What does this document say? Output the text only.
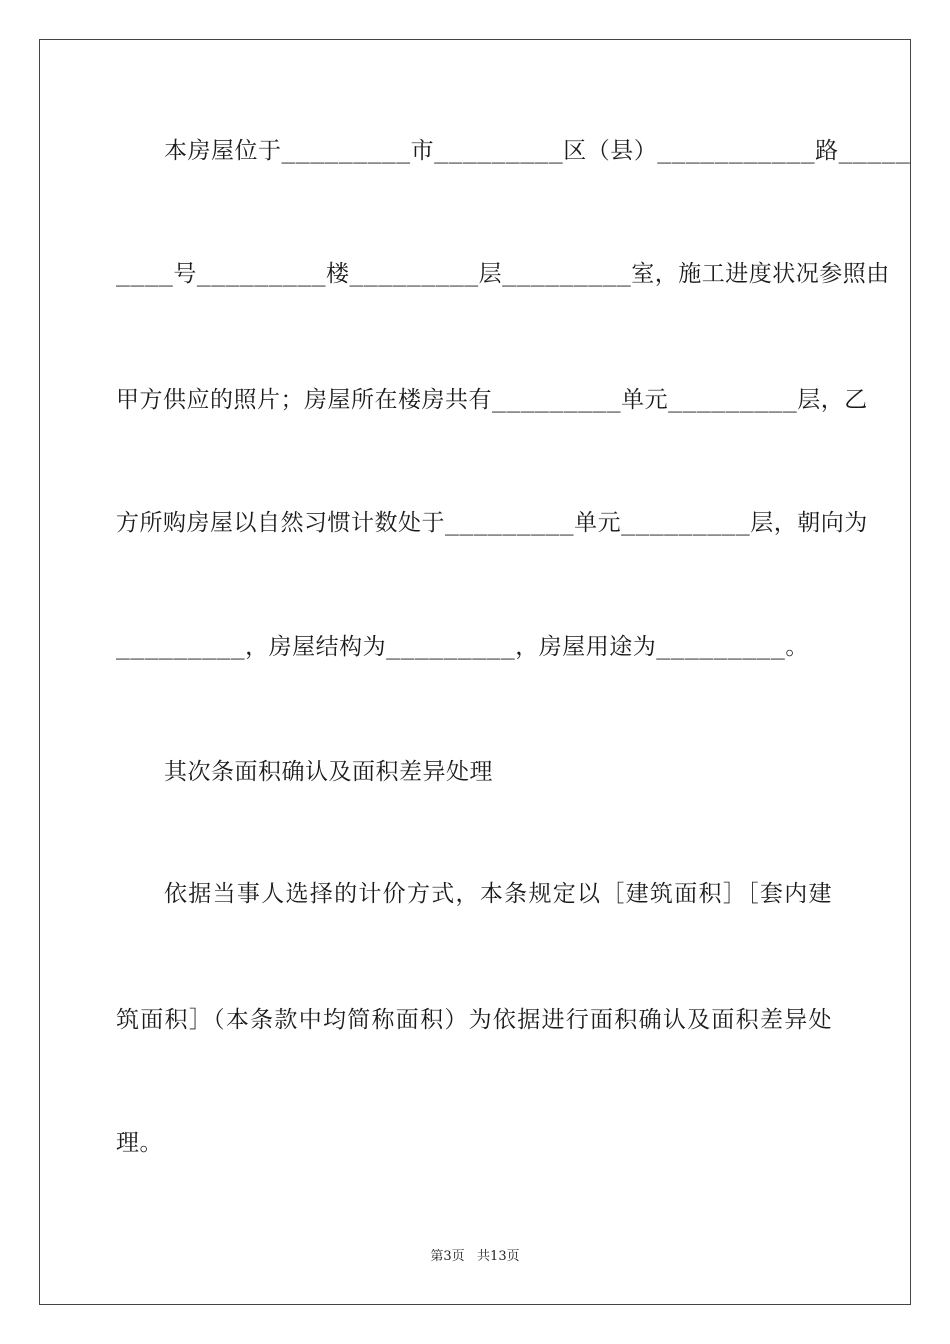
本房屋位于_________市_________区（县）___________路_____
____号_________楼_________层_________室，施工进度状况参照由
甲方供应的照片；房屋所在楼房共有_________单元_________层，乙
方所购房屋以自然习惯计数处于_________单元_________层，朝向为
_________，房屋结构为_________，房屋用途为_________。
其次条面积确认及面积差异处理
依据当事人选择的计价方式，本条规定以［建筑面积］［套内建
筑面积］（本条款中均简称面积）为依据进行面积确认及面积差异处
理。
第3页   共13页
